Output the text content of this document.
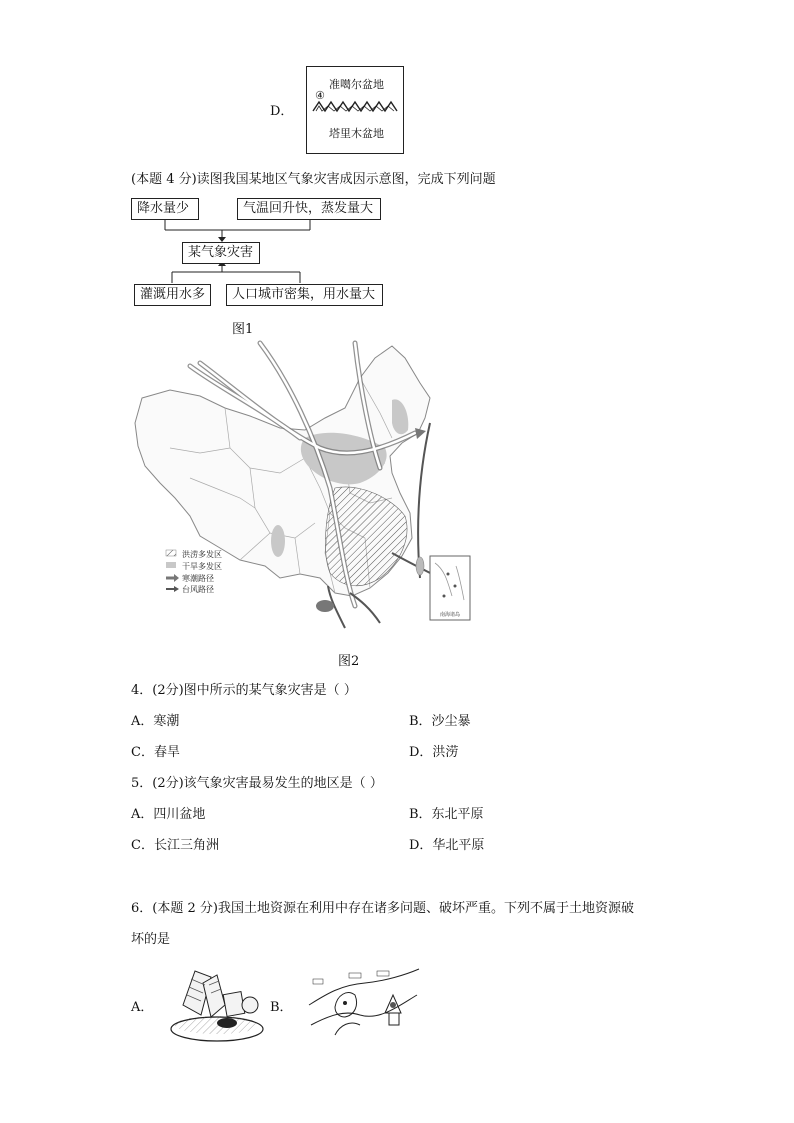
D．
准噶尔盆地
④
塔里木盆地
(本题 4 分)读图我国某地区气象灾害成因示意图，完成下列问题
降水量少	气温回升快，蒸发量大
某气象灾害
灌溉用水多	人口城市密集，用水量大
图1
南海诸岛
洪涝多发区
干旱多发区
寒潮路径
台风路径
图2
4．(2分)图中所示的某气象灾害是（ ）
A．寒潮	B．沙尘暴
C．春旱	D．洪涝
5．(2分)该气象灾害最易发生的地区是（ ）
A．四川盆地	B．东北平原
C．长江三角洲	D．华北平原
6．(本题 2 分)我国土地资源在利用中存在诸多问题、破坏严重。下列不属于土地资源破
坏的是
A．	B．
